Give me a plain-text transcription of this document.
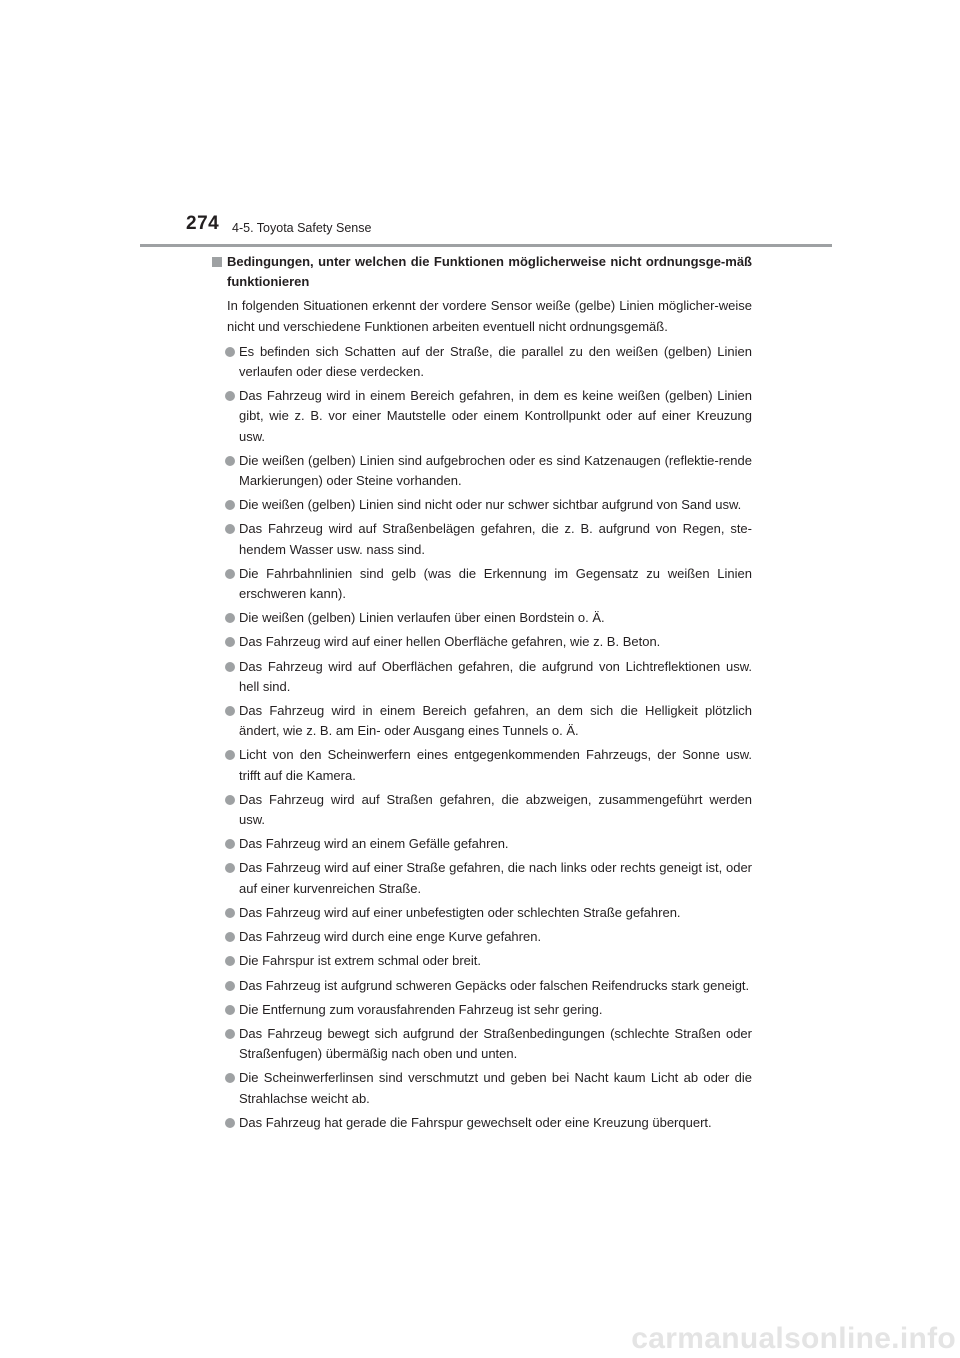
274 4-5. Toyota Safety Sense
Bedingungen, unter welchen die Funktionen möglicherweise nicht ordnungsge-mäß funktionieren
In folgenden Situationen erkennt der vordere Sensor weiße (gelbe) Linien möglicher-weise nicht und verschiedene Funktionen arbeiten eventuell nicht ordnungsgemäß.
Es befinden sich Schatten auf der Straße, die parallel zu den weißen (gelben) Linien verlaufen oder diese verdecken.
Das Fahrzeug wird in einem Bereich gefahren, in dem es keine weißen (gelben) Linien gibt, wie z. B. vor einer Mautstelle oder einem Kontrollpunkt oder auf einer Kreuzung usw.
Die weißen (gelben) Linien sind aufgebrochen oder es sind Katzenaugen (reflektie-rende Markierungen) oder Steine vorhanden.
Die weißen (gelben) Linien sind nicht oder nur schwer sichtbar aufgrund von Sand usw.
Das Fahrzeug wird auf Straßenbelägen gefahren, die z. B. aufgrund von Regen, ste-hendem Wasser usw. nass sind.
Die Fahrbahnlinien sind gelb (was die Erkennung im Gegensatz zu weißen Linien erschweren kann).
Die weißen (gelben) Linien verlaufen über einen Bordstein o. Ä.
Das Fahrzeug wird auf einer hellen Oberfläche gefahren, wie z. B. Beton.
Das Fahrzeug wird auf Oberflächen gefahren, die aufgrund von Lichtreflektionen usw. hell sind.
Das Fahrzeug wird in einem Bereich gefahren, an dem sich die Helligkeit plötzlich ändert, wie z. B. am Ein- oder Ausgang eines Tunnels o. Ä.
Licht von den Scheinwerfern eines entgegenkommenden Fahrzeugs, der Sonne usw. trifft auf die Kamera.
Das Fahrzeug wird auf Straßen gefahren, die abzweigen, zusammengeführt werden usw.
Das Fahrzeug wird an einem Gefälle gefahren.
Das Fahrzeug wird auf einer Straße gefahren, die nach links oder rechts geneigt ist, oder auf einer kurvenreichen Straße.
Das Fahrzeug wird auf einer unbefestigten oder schlechten Straße gefahren.
Das Fahrzeug wird durch eine enge Kurve gefahren.
Die Fahrspur ist extrem schmal oder breit.
Das Fahrzeug ist aufgrund schweren Gepäcks oder falschen Reifendrucks stark geneigt.
Die Entfernung zum vorausfahrenden Fahrzeug ist sehr gering.
Das Fahrzeug bewegt sich aufgrund der Straßenbedingungen (schlechte Straßen oder Straßenfugen) übermäßig nach oben und unten.
Die Scheinwerferlinsen sind verschmutzt und geben bei Nacht kaum Licht ab oder die Strahlachse weicht ab.
Das Fahrzeug hat gerade die Fahrspur gewechselt oder eine Kreuzung überquert.
carmanualsonline.info
